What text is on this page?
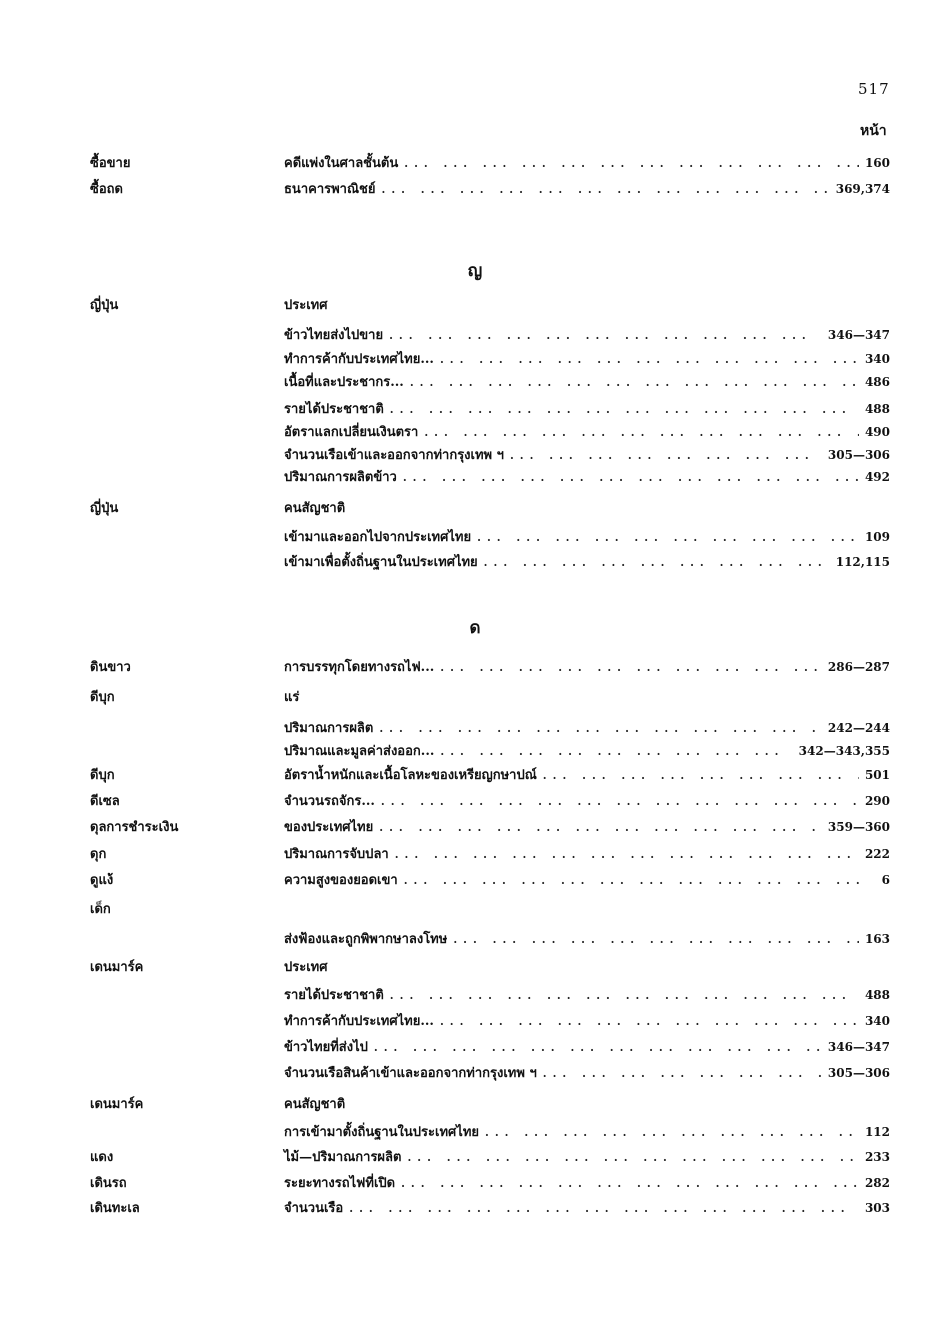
517
หน้า
ซื้อขาย	คดีแพ่งในศาลชั้นต้น ... .	160
ซื้อถด	ธนาคารพาณิชย์ ... .	369,374
ญ
ญี่ปุ่น	ประเทศ
ข้าวไทยส่งไปขาย ... .	346—347
ทำการค้ากับประเทศไทย... ... .	340
เนื้อที่และประชากร... ... .	486
รายได้ประชาชาติ ... .	488
อัตราแลกเปลี่ยนเงินตรา ... .	490
จำนวนเรือเข้าและออกจากท่ากรุงเทพ ฯ ... .	305—306
ปริมาณการผลิตข้าว ... .	492
ญี่ปุ่น	คนสัญชาติ
เข้ามาและออกไปจากประเทศไทย ... .	109
เข้ามาเพื่อตั้งถิ่นฐานในประเทศไทย ... .	112,115
ด
ดินขาว	การบรรทุกโดยทางรถไฟ... ... .	286—287
ดีบุก	แร่
ปริมาณการผลิต ... .	242—244
ปริมาณและมูลค่าส่งออก... ... .	342—343,355
ดีบุก	อัตราน้ำหนักและเนื้อโลหะของเหรียญกษาปณ์ ... .	501
ดีเซล	จำนวนรถจักร... ... .	290
ดุลการชำระเงิน	ของประเทศไทย ... .	359—360
ดุก	ปริมาณการจับปลา ... .	222
ดูแง้	ความสูงของยอดเขา ... .	6
เด็ก
ส่งฟ้องและถูกพิพากษาลงโทษ ... .	163
เดนมาร์ค	ประเทศ
รายได้ประชาชาติ ... .	488
ทำการค้ากับประเทศไทย... ... .	340
ข้าวไทยที่ส่งไป ... .	346—347
จำนวนเรือสินค้าเข้าและออกจากท่ากรุงเทพ ฯ ... .	305—306
เดนมาร์ค	คนสัญชาติ
การเข้ามาตั้งถิ่นฐานในประเทศไทย ... .	112
แดง	ไม้—ปริมาณการผลิต ... .	233
เดินรถ	ระยะทางรถไฟที่เปิด ... .	282
เดินทะเล	จำนวนเรือ ... .	303
